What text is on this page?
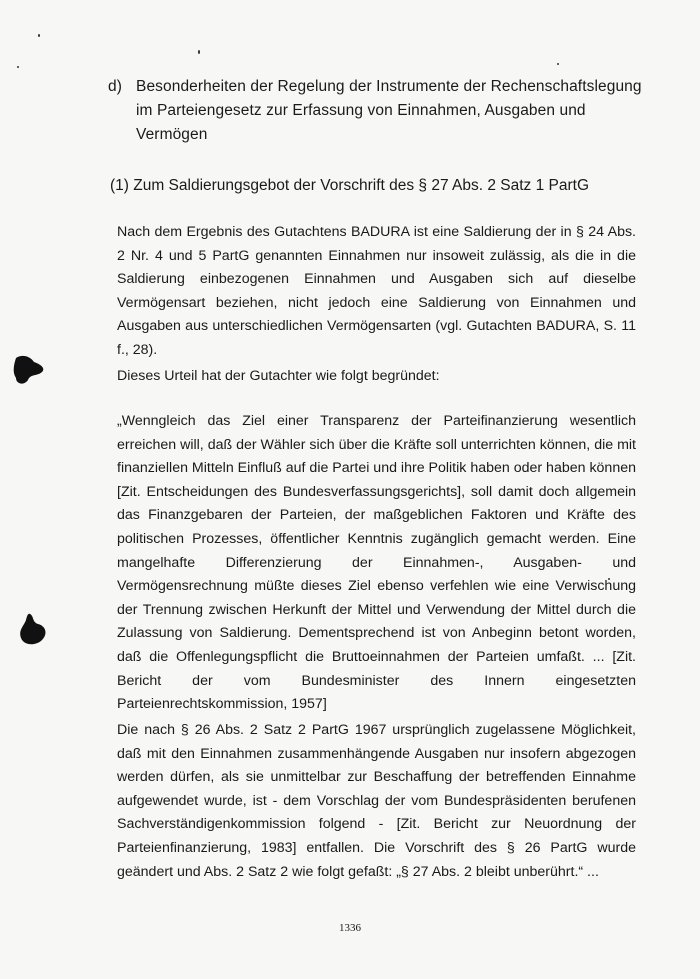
d) Besonderheiten der Regelung der Instrumente der Rechenschaftslegung im Parteiengesetz zur Erfassung von Einnahmen, Ausgaben und Vermögen
(1) Zum Saldierungsgebot der Vorschrift des § 27 Abs. 2 Satz 1 PartG

Nach dem Ergebnis des Gutachtens BADURA ist eine Saldierung der in § 24 Abs. 2 Nr. 4 und 5 PartG genannten Einnahmen nur insoweit zulässig, als die in die Saldierung einbezogenen Einnahmen und Ausgaben sich auf dieselbe Vermögensart beziehen, nicht jedoch eine Saldierung von Einnahmen und Ausgaben aus unterschiedlichen Vermögensarten (vgl. Gutachten BADURA, S. 11 f., 28).

Dieses Urteil hat der Gutachter wie folgt begründet:

„Wenngleich das Ziel einer Transparenz der Parteifinanzierung wesentlich erreichen will, daß der Wähler sich über die Kräfte soll unterrichten können, die mit finanziellen Mitteln Einfluß auf die Partei und ihre Politik haben oder haben können [Zit. Entscheidungen des Bundesverfassungsgerichts], soll damit doch allgemein das Finanzgebaren der Parteien, der maßgeblichen Faktoren und Kräfte des politischen Prozesses, öffentlicher Kenntnis zugänglich gemacht werden. Eine mangelhafte Differenzierung der Einnahmen-, Ausgaben- und Vermögensrechnung müßte dieses Ziel ebenso verfehlen wie eine Verwischung der Trennung zwischen Herkunft der Mittel und Verwendung der Mittel durch die Zulassung von Saldierung. Dementsprechend ist von Anbeginn betont worden, daß die Offenlegungspflicht die Bruttoeinnahmen der Parteien umfaßt. ... [Zit. Bericht der vom Bundesminister des Innern eingesetzten Parteienrechtskommission, 1957]

Die nach § 26 Abs. 2 Satz 2 PartG 1967 ursprünglich zugelassene Möglichkeit, daß mit den Einnahmen zusammenhängende Ausgaben nur insofern abgezogen werden dürfen, als sie unmittelbar zur Beschaffung der betreffenden Einnahme aufgewendet wurde, ist - dem Vorschlag der vom Bundespräsidenten berufenen Sachverständigenkommission folgend - [Zit. Bericht zur Neuordnung der Parteienfinanzierung, 1983] entfallen. Die Vorschrift des § 26 PartG wurde geändert und Abs. 2 Satz 2 wie folgt gefaßt: „§ 27 Abs. 2 bleibt unberührt.“ ...

1336
